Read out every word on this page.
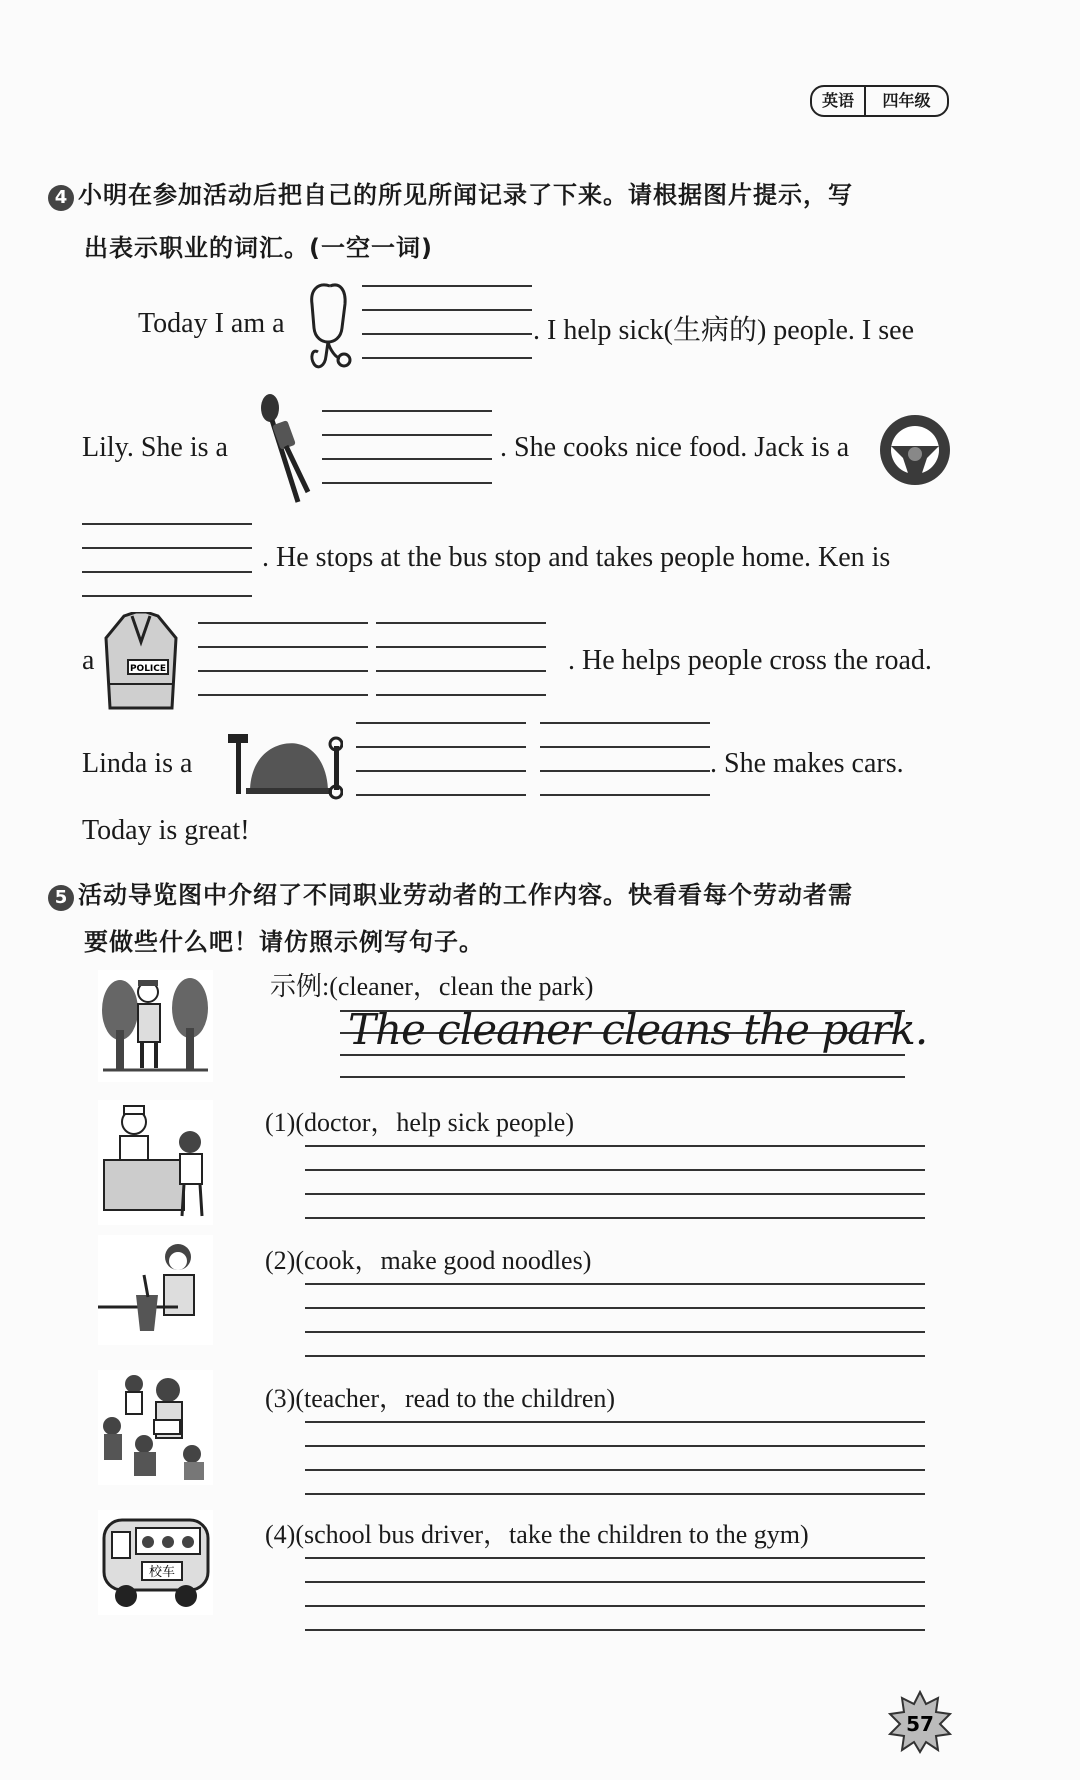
英语	四年级
4 小明在参加活动后把自己的所见所闻记录了下来。请根据图片提示，写
出表示职业的词汇。(一空一词)
Today I am a	. I help sick(生病的) people. I see
Lily. She is a	. She cooks nice food. Jack is a
. He stops at the bus stop and takes people home. Ken is
a	POLICE	. He helps people cross the road.
Linda is a	. She makes cars.
Today is great!
5 活动导览图中介绍了不同职业劳动者的工作内容。快看看每个劳动者需
要做些什么吧！请仿照示例写句子。
示例:(cleaner，clean the park)
The cleaner cleans the park.
(1)(doctor，help sick people)
(2)(cook，make good noodles)
(3)(teacher，read to the children)
校车
(4)(school bus driver，take the children to the gym)
57
